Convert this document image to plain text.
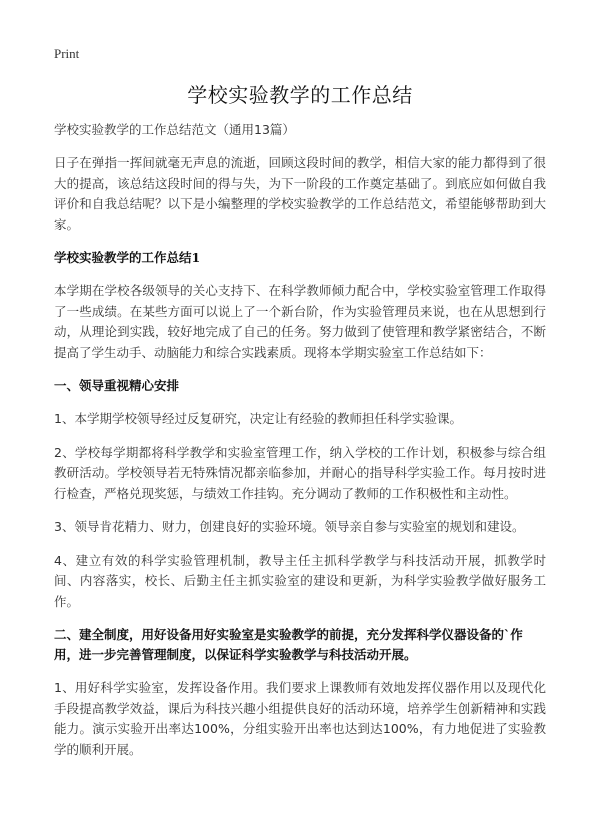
Print
学校实验教学的工作总结
学校实验教学的工作总结范文（通用13篇）

日子在弹指一挥间就毫无声息的流逝，回顾这段时间的教学，相信大家的能力都得到了很大的提高，该总结这段时间的得与失，为下一阶段的工作奠定基础了。到底应如何做自我评价和自我总结呢？以下是小编整理的学校实验教学的工作总结范文，希望能够帮助到大家。

学校实验教学的工作总结1

本学期在学校各级领导的关心支持下、在科学教师倾力配合中，学校实验室管理工作取得了一些成绩。在某些方面可以说上了一个新台阶，作为实验管理员来说，也在从思想到行动，从理论到实践，较好地完成了自己的任务。努力做到了使管理和教学紧密结合，不断提高了学生动手、动脑能力和综合实践素质。现将本学期实验室工作总结如下：

一、领导重视精心安排

1、本学期学校领导经过反复研究，决定让有经验的教师担任科学实验课。

2、学校每学期都将科学教学和实验室管理工作，纳入学校的工作计划，积极参与综合组教研活动。学校领导若无特殊情况都亲临参加，并耐心的指导科学实验工作。每月按时进行检查，严格兑现奖惩，与绩效工作挂钩。充分调动了教师的工作积极性和主动性。

3、领导肯花精力、财力，创建良好的实验环境。领导亲自参与实验室的规划和建设。

4、建立有效的科学实验管理机制，教导主任主抓科学教学与科技活动开展，抓教学时间、内容落实，校长、后勤主任主抓实验室的建设和更新，为科学实验教学做好服务工作。

二、建全制度，用好设备用好实验室是实验教学的前提，充分发挥科学仪器设备的`作用，进一步完善管理制度，以保证科学实验教学与科技活动开展。

1、用好科学实验室，发挥设备作用。我们要求上课教师有效地发挥仪器作用以及现代化手段提高教学效益，课后为科技兴趣小组提供良好的活动环境，培养学生创新精神和实践能力。演示实验开出率达100%，分组实验开出率也达到达100%，有力地促进了实验教学的顺利开展。
